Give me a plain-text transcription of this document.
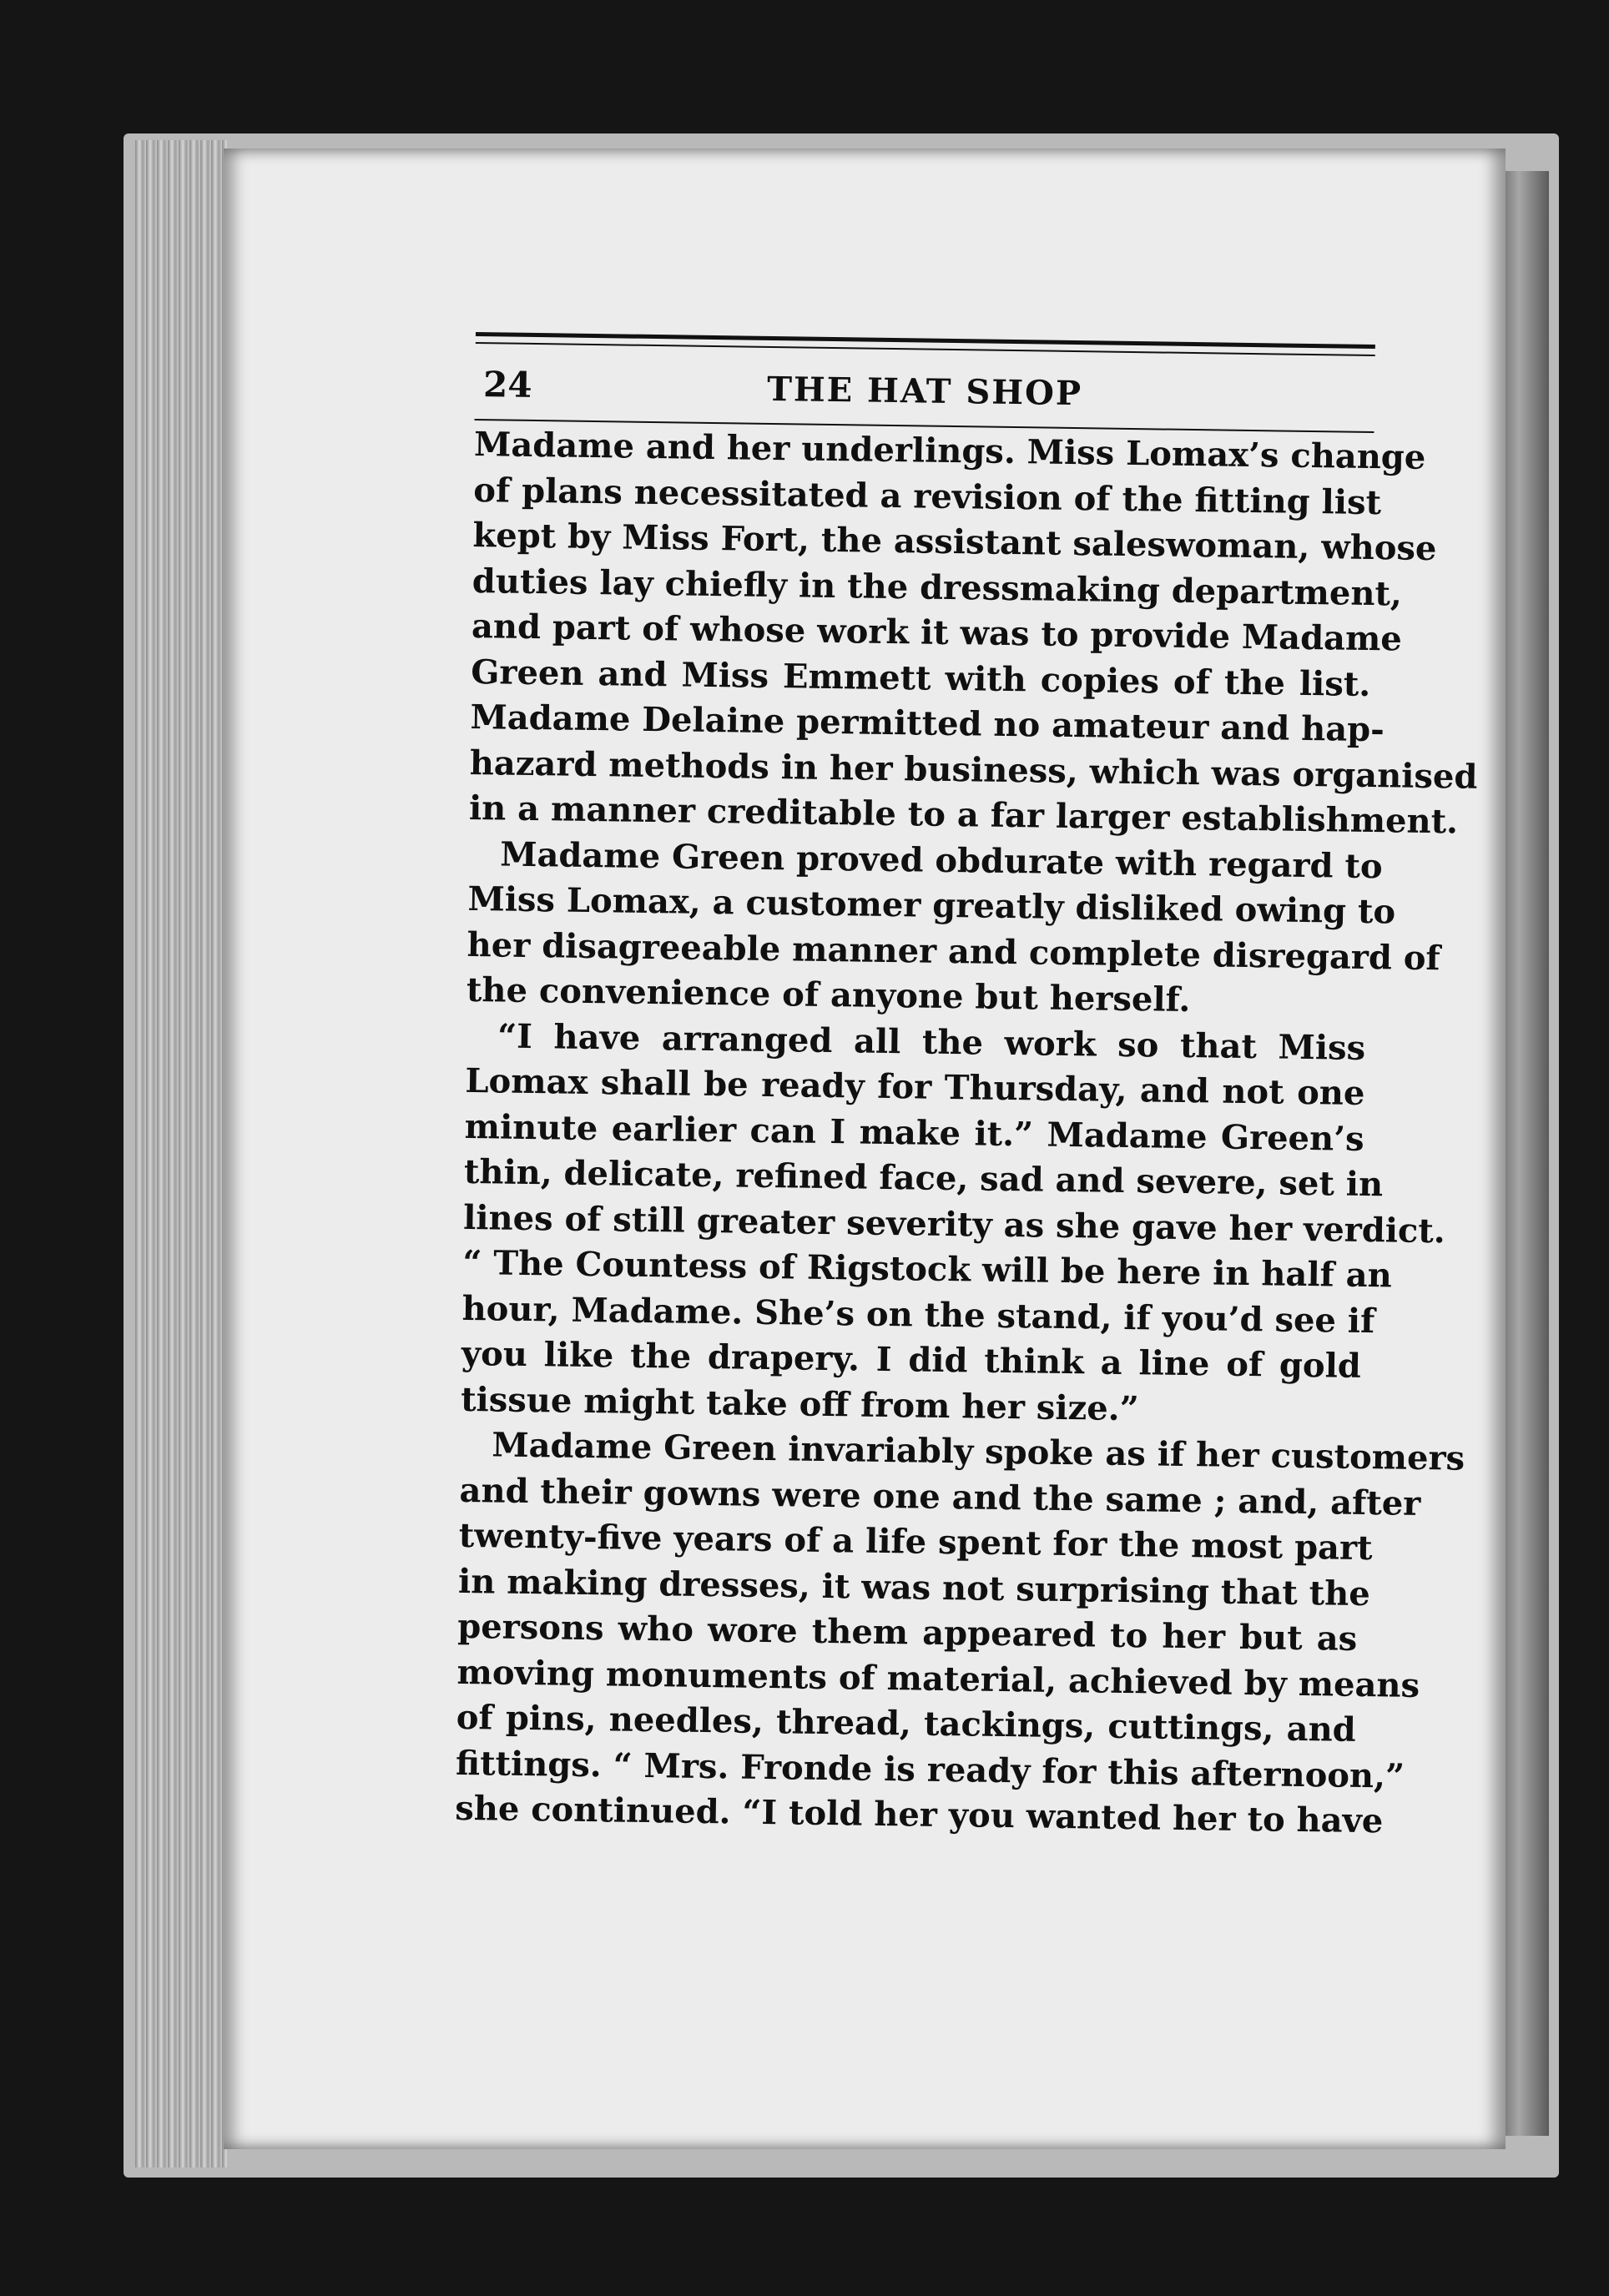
24	THE HAT SHOP
Madame and her underlings. Miss Lomax’s change
of plans necessitated a revision of the fitting list
kept by Miss Fort, the assistant saleswoman, whose
duties lay chiefly in the dressmaking department,
and part of whose work it was to provide Madame
Green and Miss Emmett with copies of the list.
Madame Delaine permitted no amateur and hap-
hazard methods in her business, which was organised
in a manner creditable to a far larger establishment.
Madame Green proved obdurate with regard to
Miss Lomax, a customer greatly disliked owing to
her disagreeable manner and complete disregard of
the convenience of anyone but herself.
“I have arranged all the work so that Miss
Lomax shall be ready for Thursday, and not one
minute earlier can I make it.” Madame Green’s
thin, delicate, refined face, sad and severe, set in
lines of still greater severity as she gave her verdict.
“ The Countess of Rigstock will be here in half an
hour, Madame. She’s on the stand, if you’d see if
you like the drapery. I did think a line of gold
tissue might take off from her size.”
Madame Green invariably spoke as if her customers
and their gowns were one and the same ; and, after
twenty-five years of a life spent for the most part
in making dresses, it was not surprising that the
persons who wore them appeared to her but as
moving monuments of material, achieved by means
of pins, needles, thread, tackings, cuttings, and
fittings. “ Mrs. Fronde is ready for this afternoon,”
she continued. “I told her you wanted her to have
